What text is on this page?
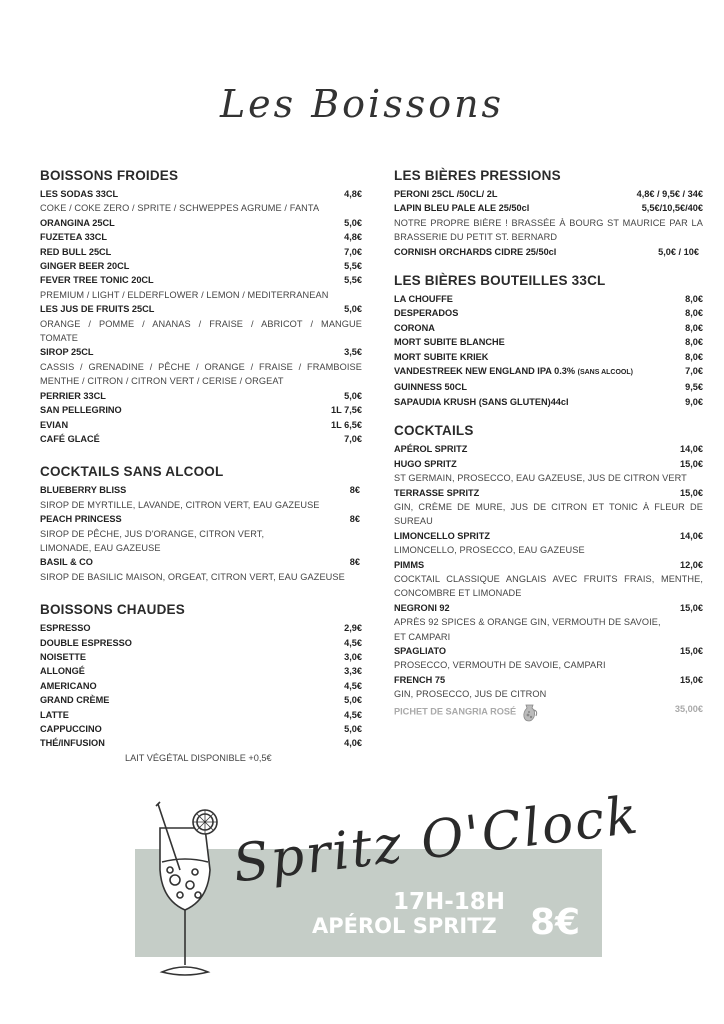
Les Boissons
BOISSONS FROIDES
LES SODAS 33CL	4,8€
COKE / COKE ZERO / SPRITE / SCHWEPPES AGRUME / FANTA
ORANGINA 25CL	5,0€
FUZETEA 33CL	4,8€
RED BULL 25CL	7,0€
GINGER BEER 20CL	5,5€
FEVER TREE TONIC 20CL	5,5€
PREMIUM / LIGHT / ELDERFLOWER / LEMON / MEDITERRANEAN
LES JUS DE FRUITS 25CL	5,0€
ORANGE / POMME / ANANAS / FRAISE / ABRICOT / MANGUE
TOMATE
SIROP 25CL	3,5€
CASSIS / GRENADINE / PÊCHE / ORANGE / FRAISE / FRAMBOISE
MENTHE / CITRON / CITRON VERT / CERISE / ORGEAT
PERRIER 33CL	5,0€
SAN PELLEGRINO	1L 7,5€
EVIAN	1L 6,5€
CAFÉ GLACÉ	7,0€
COCKTAILS SANS ALCOOL
BLUEBERRY BLISS	8€
SIROP DE MYRTILLE, LAVANDE, CITRON VERT, EAU GAZEUSE
PEACH PRINCESS	8€
SIROP DE PÊCHE, JUS D'ORANGE, CITRON VERT,
LIMONADE, EAU GAZEUSE
BASIL & CO	8€
SIROP DE BASILIC MAISON, ORGEAT, CITRON VERT, EAU GAZEUSE
BOISSONS CHAUDES
ESPRESSO	2,9€
DOUBLE ESPRESSO	4,5€
NOISETTE	3,0€
ALLONGÉ	3,3€
AMERICANO	4,5€
GRAND CRÈME	5,0€
LATTE	4,5€
CAPPUCCINO	5,0€
THÉ/INFUSION	4,0€
LAIT VÉGÉTAL DISPONIBLE +0,5€
LES BIÈRES PRESSIONS
PERONI 25CL /50CL/ 2L	4,8€ / 9,5€ / 34€
LAPIN BLEU PALE ALE 25/50cl	5,5€/10,5€/40€
NOTRE PROPRE BIÈRE ! BRASSÉE À BOURG ST MAURICE PAR LA
BRASSERIE DU PETIT ST. BERNARD
CORNISH ORCHARDS CIDRE 25/50cl	5,0€ / 10€
LES BIÈRES BOUTEILLES 33CL
LA CHOUFFE	8,0€
DESPERADOS	8,0€
CORONA	8,0€
MORT SUBITE BLANCHE	8,0€
MORT SUBITE KRIEK	8,0€
VANDESTREEK NEW ENGLAND IPA 0.3% (SANS ALCOOL)	7,0€
GUINNESS 50CL	9,5€
SAPAUDIA KRUSH (SANS GLUTEN)44cl	9,0€
COCKTAILS
APÉROL SPRITZ	14,0€
HUGO SPRITZ	15,0€
ST GERMAIN, PROSECCO, EAU GAZEUSE, JUS DE CITRON VERT
TERRASSE SPRITZ	15,0€
GIN, CRÈME DE MURE, JUS DE CITRON ET TONIC À FLEUR DE
SUREAU
LIMONCELLO SPRITZ	14,0€
LIMONCELLO, PROSECCO, EAU GAZEUSE
PIMMS	12,0€
COCKTAIL CLASSIQUE ANGLAIS AVEC FRUITS FRAIS, MENTHE,
CONCOMBRE ET LIMONADE
NEGRONI 92	15,0€
APRÈS 92 SPICES & ORANGE GIN, VERMOUTH DE SAVOIE,
ET CAMPARI
SPAGLIATO	15,0€
PROSECCO, VERMOUTH DE SAVOIE, CAMPARI
FRENCH 75	15,0€
GIN, PROSECCO, JUS DE CITRON
PICHET DE SANGRIA ROSÉ	35,00€
Spritz O'Clock
17H-18H
APÉROL SPRITZ 8€
